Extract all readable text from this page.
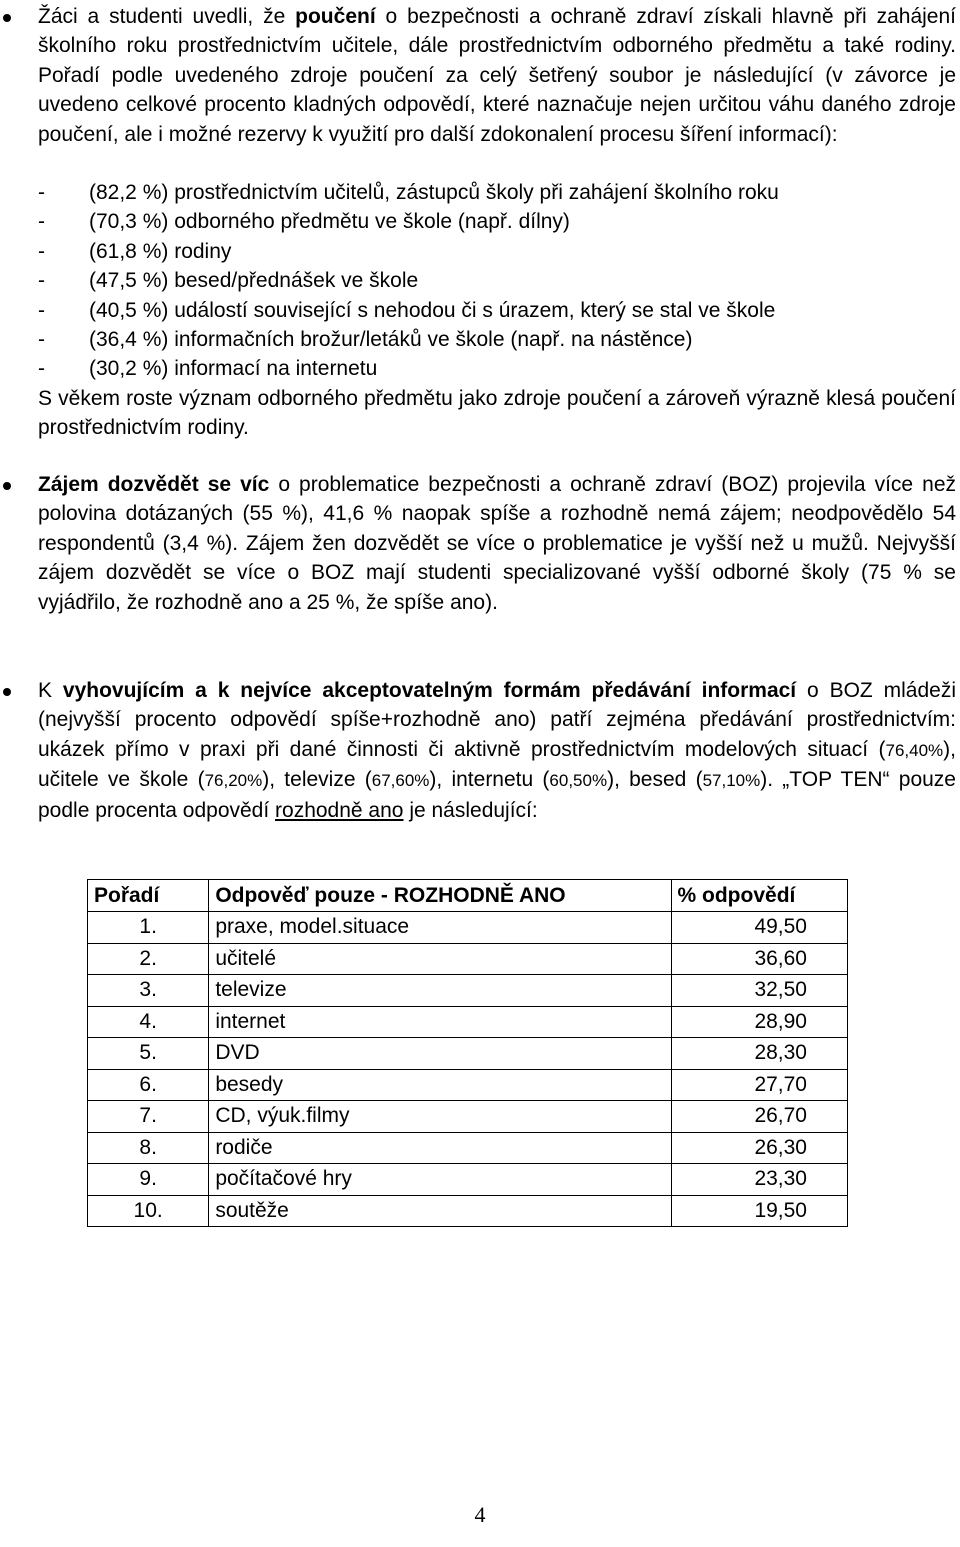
Žáci a studenti uvedli, že poučení o bezpečnosti a ochraně zdraví získali hlavně při zahájení školního roku prostřednictvím učitele, dále prostřednictvím odborného předmětu a také rodiny. Pořadí podle uvedeného zdroje poučení za celý šetřený soubor je následující (v závorce je uvedeno celkové procento kladných odpovědí, které naznačuje nejen určitou váhu daného zdroje poučení, ale i možné rezervy k využití pro další zdokonalení procesu šíření informací):
- (82,2 %) prostřednictvím učitelů, zástupců školy při zahájení školního roku
- (70,3 %) odborného předmětu ve škole (např. dílny)
- (61,8 %) rodiny
- (47,5 %) besed/přednášek ve škole
- (40,5 %) událostí související s nehodou či s úrazem, který se stal ve škole
- (36,4 %) informačních brožur/letáků ve škole (např. na nástěnce)
- (30,2 %) informací na internetu
S věkem roste význam odborného předmětu jako zdroje poučení a zároveň výrazně klesá poučení prostřednictvím rodiny.
Zájem dozvědět se víc o problematice bezpečnosti a ochraně zdraví (BOZ) projevila více než polovina dotázaných (55 %), 41,6 % naopak spíše a rozhodně nemá zájem; neodpovědělo 54 respondentů (3,4 %). Zájem žen dozvědět se více o problematice je vyšší než u mužů. Nejvyšší zájem dozvědět se více o BOZ mají studenti specializované vyšší odborné školy (75 % se vyjádřilo, že rozhodně ano a 25 %, že spíše ano).
K vyhovujícím a k nejvíce akceptovatelným formám předávání informací o BOZ mládeži (nejvyšší procento odpovědí spíše+rozhodně ano) patří zejména předávání prostřednictvím: ukázek přímo v praxi při dané činnosti či aktivně prostřednictvím modelových situací (76,40%), učitele ve škole (76,20%), televize (67,60%), internetu (60,50%), besed (57,10%). „TOP TEN“ pouze podle procenta odpovědí rozhodně ano je následující:
Pořadí	Odpověď pouze - ROZHODNĚ ANO	% odpovědí
1.	praxe, model.situace	49,50
2.	učitelé	36,60
3.	televize	32,50
4.	internet	28,90
5.	DVD	28,30
6.	besedy	27,70
7.	CD, výuk.filmy	26,70
8.	rodiče	26,30
9.	počítačové hry	23,30
10.	soutěže	19,50
4
